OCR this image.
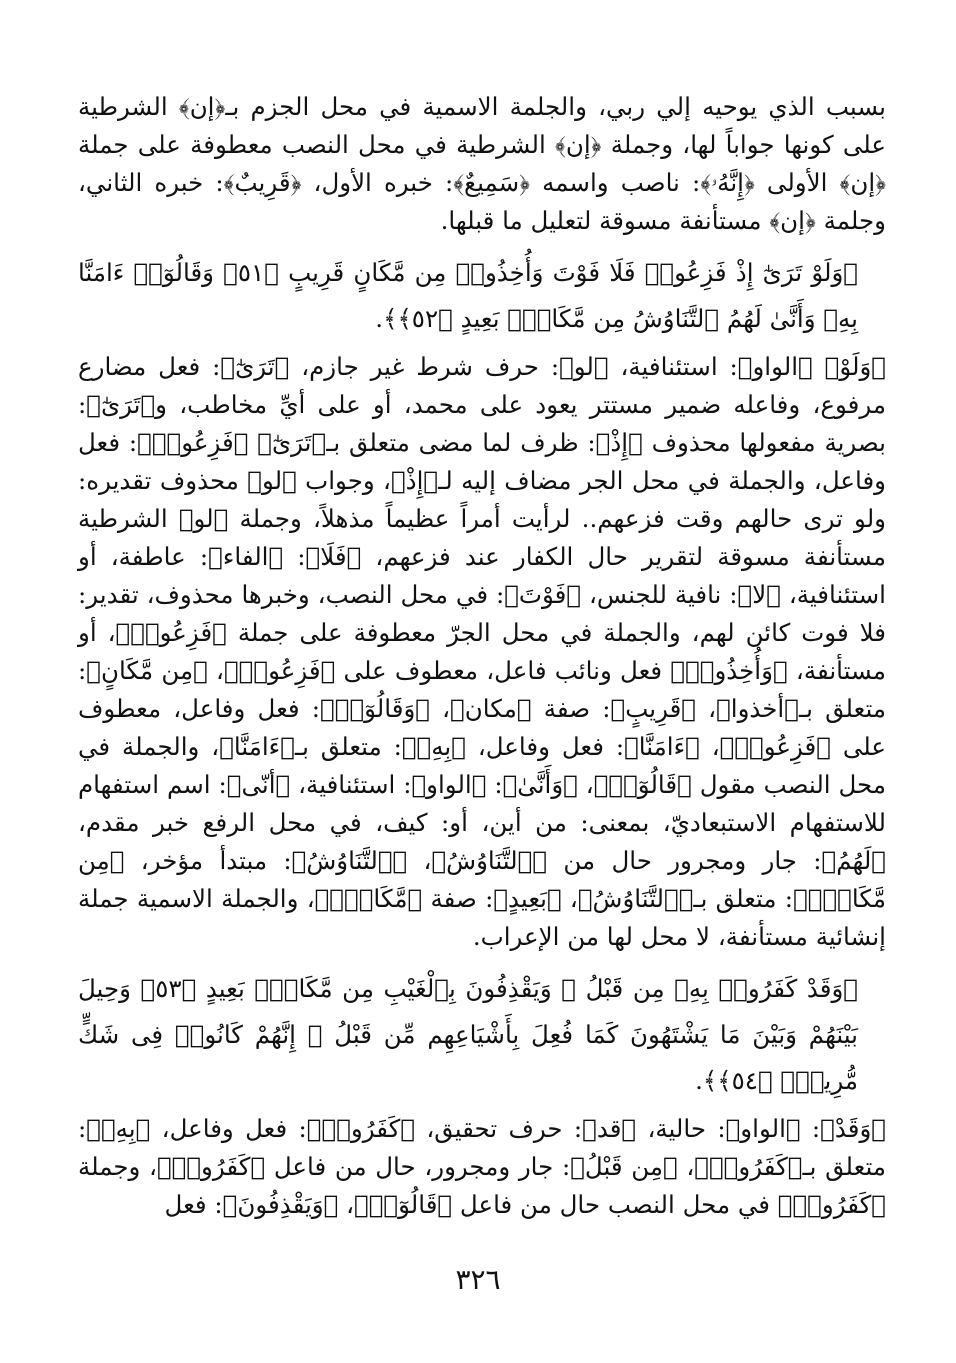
بسبب الذي يوحيه إلي ربي، والجلمة الاسمية في محل الجزم بـ﴿إن﴾ الشرطية على كونها جواباً لها، وجملة ﴿إن﴾ الشرطية في محل النصب معطوفة على جملة ﴿إن﴾ الأولى ﴿إِنَّهُۥ﴾: ناصب واسمه ﴿سَمِيعٌ﴾: خبره الأول، ﴿قَرِيبٌ﴾: خبره الثاني، وجلمة ﴿إن﴾ مستأنفة مسوقة لتعليل ما قبلها.

﴿وَلَوْ تَرَىٰٓ إِذْ فَزِعُوا۟ فَلَا فَوْتَ وَأُخِذُوا۟ مِن مَّكَانٍ قَرِيبٍ ﴿٥١﴾ وَقَالُوٓا۟ ءَامَنَّا بِهِۦ وَأَنَّىٰ لَهُمُ ٱلتَّنَاوُشُ مِن مَّكَانٍۭ بَعِيدٍ ﴿٥٢﴾﴾.

﴿وَلَوْ﴾ ﴿الواو﴾: استئنافية، ﴿لو﴾: حرف شرط غير جازم، ﴿تَرَىٰٓ﴾: فعل مضارع مرفوع، وفاعله ضمير مستتر يعود على محمد، أو على أيِّ مخاطب، و﴿تَرَىٰٓ﴾: بصرية مفعولها محذوف ﴿إِذْ﴾: ظرف لما مضى متعلق بـ﴿تَرَىٰٓ﴾ ﴿فَزِعُوا۟﴾: فعل وفاعل، والجملة في محل الجر مضاف إليه لـ﴿إِذْ﴾، وجواب ﴿لو﴾ محذوف تقديره: ولو ترى حالهم وقت فزعهم.. لرأيت أمراً عظيماً مذهلاً، وجملة ﴿لو﴾ الشرطية مستأنفة مسوقة لتقرير حال الكفار عند فزعهم، ﴿فَلَا﴾: ﴿الفاء﴾: عاطفة، أو استئنافية، ﴿لا﴾: نافية للجنس، ﴿فَوْتَ﴾: في محل النصب، وخبرها محذوف، تقدير: فلا فوت كائن لهم، والجملة في محل الجرّ معطوفة على جملة ﴿فَزِعُوا۟﴾، أو مستأنفة، ﴿وَأُخِذُوا۟﴾ فعل ونائب فاعل، معطوف على ﴿فَزِعُوا۟﴾، ﴿مِن مَّكَانٍ﴾: متعلق بـ﴿أخذوا﴾، ﴿قَرِيبٍ﴾: صفة ﴿مكان﴾، ﴿وَقَالُوٓا۟﴾: فعل وفاعل، معطوف على ﴿فَزِعُوا۟﴾، ﴿ءَامَنَّا﴾: فعل وفاعل، ﴿بِهِۦ﴾: متعلق بـ﴿ءَامَنَّا﴾، والجملة في محل النصب مقول ﴿قَالُوٓا۟﴾، ﴿وَأَنَّىٰ﴾: ﴿الواو﴾: استئنافية، ﴿أنّى﴾: اسم استفهام للاستفهام الاستبعاديّ، بمعنى: من أين، أو: كيف، في محل الرفع خبر مقدم، ﴿لَهُمُ﴾: جار ومجرور حال من ﴿ٱلتَّنَاوُشُ﴾، ﴿ٱلتَّنَاوُشُ﴾: مبتدأ مؤخر، ﴿مِن مَّكَانٍۭ﴾: متعلق بـ﴿ٱلتَّنَاوُشُ﴾، ﴿بَعِيدٍ﴾: صفة ﴿مَّكَانٍۭ﴾، والجملة الاسمية جملة إنشائية مستأنفة، لا محل لها من الإعراب.

﴿وَقَدْ كَفَرُوا۟ بِهِۦ مِن قَبْلُ ۖ وَيَقْذِفُونَ بِٱلْغَيْبِ مِن مَّكَانٍۭ بَعِيدٍ ﴿٥٣﴾ وَحِيلَ بَيْنَهُمْ وَبَيْنَ مَا يَشْتَهُونَ كَمَا فُعِلَ بِأَشْيَاعِهِم مِّن قَبْلُ ۚ إِنَّهُمْ كَانُوا۟ فِى شَكٍّ مُّرِيبٍۭ ﴿٥٤﴾﴾.

﴿وَقَدْ﴾: ﴿الواو﴾: حالية، ﴿قد﴾: حرف تحقيق، ﴿كَفَرُوا۟﴾: فعل وفاعل، ﴿بِهِۦ﴾: متعلق بـ﴿كَفَرُوا۟﴾، ﴿مِن قَبْلُ﴾: جار ومجرور، حال من فاعل ﴿كَفَرُوا۟﴾، وجملة ﴿كَفَرُوا۟﴾ في محل النصب حال من فاعل ﴿قَالُوٓا۟﴾، ﴿وَيَقْذِفُونَ﴾: فعل

٣٢٦
